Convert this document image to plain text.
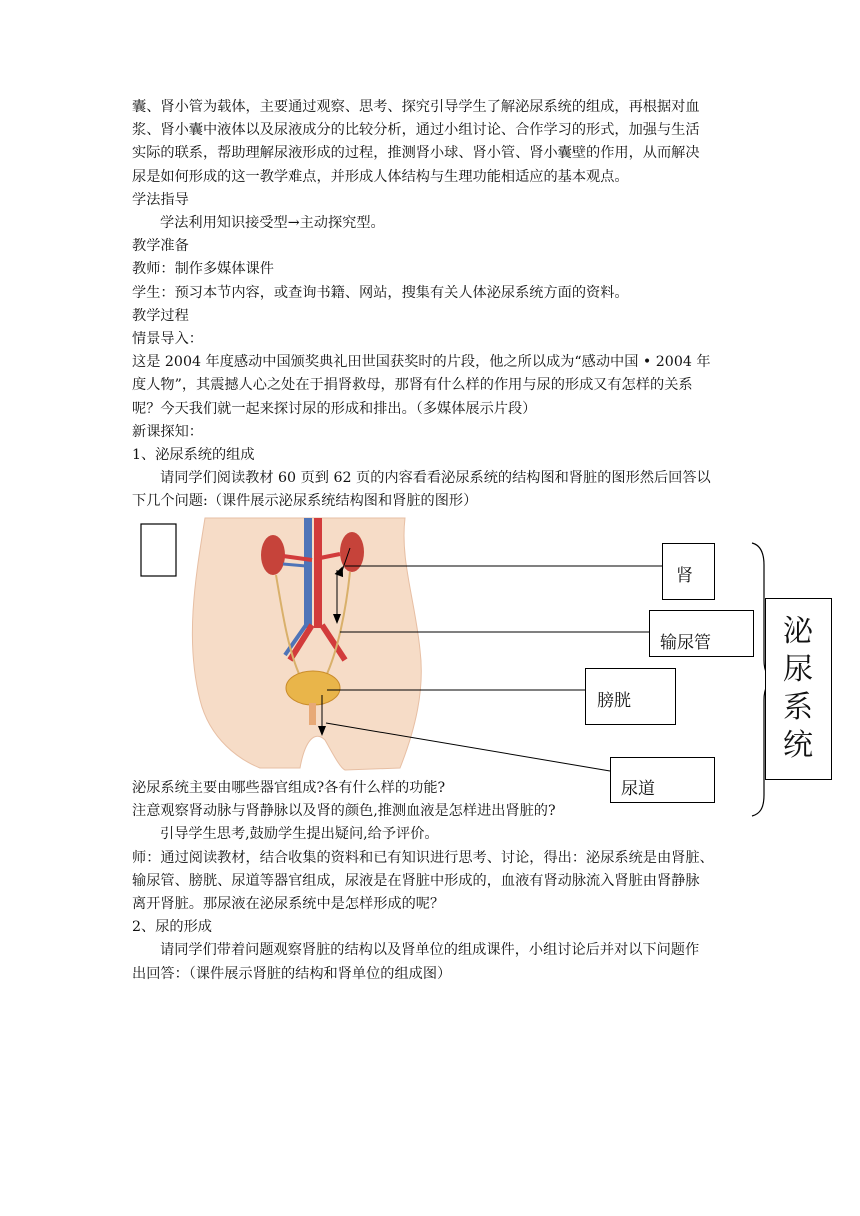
囊、肾小管为载体，主要通过观察、思考、探究引导学生了解泌尿系统的组成，再根据对血

浆、肾小囊中液体以及尿液成分的比较分析，通过小组讨论、合作学习的形式，加强与生活

实际的联系，帮助理解尿液形成的过程，推测肾小球、肾小管、肾小囊壁的作用，从而解决

尿是如何形成的这一教学难点，并形成人体结构与生理功能相适应的基本观点。

学法指导

学法利用知识接受型→主动探究型。

教学准备

教师：制作多媒体课件

学生：预习本节内容，或查询书籍、网站，搜集有关人体泌尿系统方面的资料。

教学过程

情景导入：

这是 2004 年度感动中国颁奖典礼田世国获奖时的片段，他之所以成为“感动中国 • 2004 年

度人物”，其震撼人心之处在于捐肾救母，那肾有什么样的作用与尿的形成又有怎样的关系

呢？今天我们就一起来探讨尿的形成和排出。（多媒体展示片段）

新课探知：

1、泌尿系统的组成

请同学们阅读教材 60 页到 62 页的内容看看泌尿系统的结构图和肾脏的图形然后回答以

下几个问题:（课件展示泌尿系统结构图和肾脏的图形）

肾
输尿管
膀胱
尿道
泌
尿
系
统

泌尿系统主要由哪些器官组成?各有什么样的功能?

注意观察肾动脉与肾静脉以及肾的颜色,推测血液是怎样进出肾脏的?

引导学生思考,鼓励学生提出疑问,给予评价。

师：通过阅读教材，结合收集的资料和已有知识进行思考、讨论，得出：泌尿系统是由肾脏、

输尿管、膀胱、尿道等器官组成，尿液是在肾脏中形成的，血液有肾动脉流入肾脏由肾静脉

离开肾脏。那尿液在泌尿系统中是怎样形成的呢？

2、尿的形成

请同学们带着问题观察肾脏的结构以及肾单位的组成课件，小组讨论后并对以下问题作

出回答：（课件展示肾脏的结构和肾单位的组成图）
